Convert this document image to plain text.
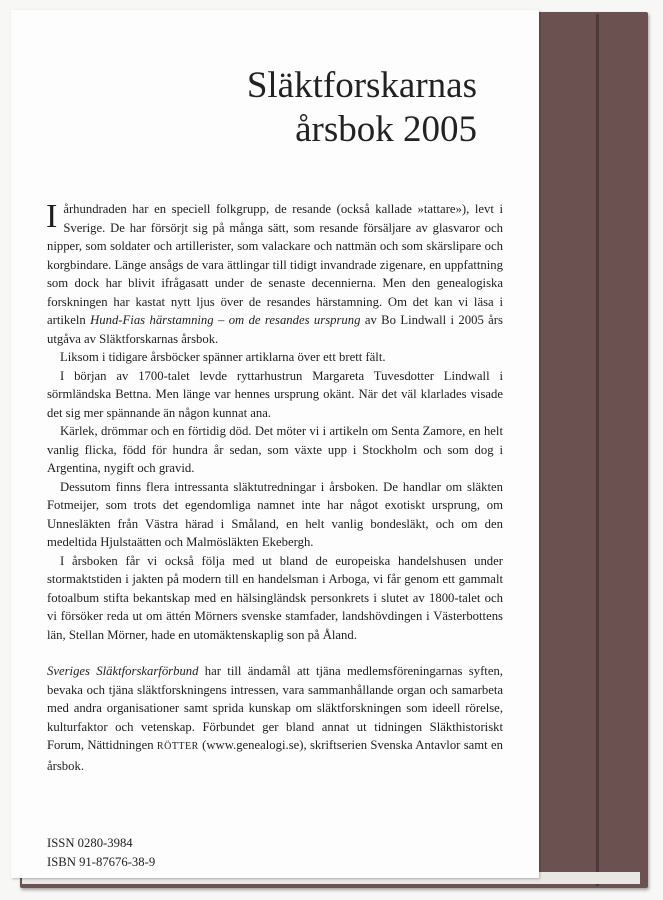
Släktforskarnas
årsbok 2005

I århundraden har en speciell folkgrupp, de resande (också kallade »tattare»), levt i Sverige. De har försörjt sig på många sätt, som resande försäljare av glasvaror och nipper, som soldater och artillerister, som valackare och nattmän och som skärslipare och korgbindare. Länge ansågs de vara ättlingar till tidigt invandrade zigenare, en uppfattning som dock har blivit ifrågasatt under de senaste decennierna. Men den genealogiska forskningen har kastat nytt ljus över de resandes härstamning. Om det kan vi läsa i artikeln Hund-Fias härstamning – om de resandes ursprung av Bo Lindwall i 2005 års utgåva av Släktforskarnas årsbok.

Liksom i tidigare årsböcker spänner artiklarna över ett brett fält.

I början av 1700-talet levde ryttarhustrun Margareta Tuvesdotter Lindwall i sörmländska Bettna. Men länge var hennes ursprung okänt. När det väl klarlades visade det sig mer spännande än någon kunnat ana.

Kärlek, drömmar och en förtidig död. Det möter vi i artikeln om Senta Zamore, en helt vanlig flicka, född för hundra år sedan, som växte upp i Stockholm och som dog i Argentina, nygift och gravid.

Dessutom finns flera intressanta släktutredningar i årsboken. De handlar om släkten Fotmeijer, som trots det egendomliga namnet inte har något exotiskt ursprung, om Unnesläkten från Västra härad i Småland, en helt vanlig bondesläkt, och om den medeltida Hjulstaätten och Malmösläkten Ekebergh.

I årsboken får vi också följa med ut bland de europeiska handelshusen under stormaktstiden i jakten på modern till en handelsman i Arboga, vi får genom ett gammalt fotoalbum stifta bekantskap med en hälsingländsk personkrets i slutet av 1800-talet och vi försöker reda ut om ättén Mörners svenske stamfader, landshövdingen i Västerbottens län, Stellan Mörner, hade en utomäktenskaplig son på Åland.

Sveriges Släktforskarförbund har till ändamål att tjäna medlemsföreningarnas syften, bevaka och tjäna släktforskningens intressen, vara sammanhållande organ och samarbeta med andra organisationer samt sprida kunskap om släktforskningen som ideell rörelse, kulturfaktor och vetenskap. Förbundet ger bland annat ut tidningen Släkthistoriskt Forum, Nättidningen RÖTTER (www.genealogi.se), skriftserien Svenska Antavlor samt en årsbok.

ISSN 0280-3984
ISBN 91-87676-38-9
